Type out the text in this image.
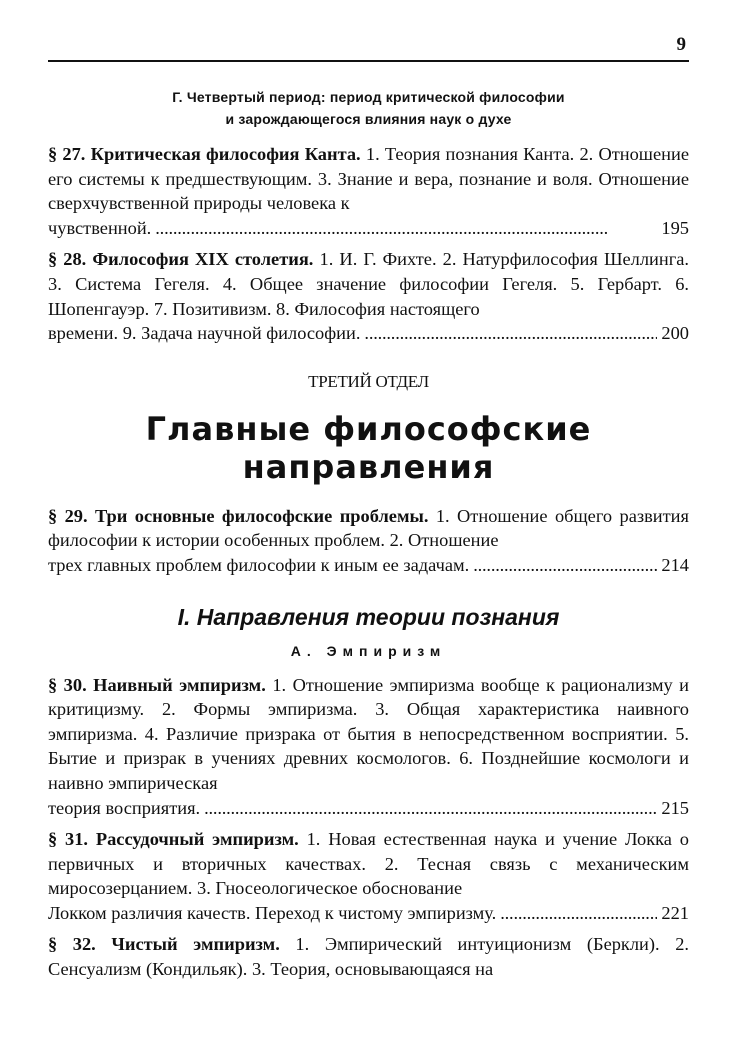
9
Г. Четвертый период: период критической философии
и зарождающегося влияния наук о духе
§ 27. Критическая философия Канта. 1. Теория познания Канта. 2. Отношение его системы к предшествующим. 3. Знание и вера, познание и воля. Отношение сверхчувственной природы человека к
чувственной. . . .	195
§ 28. Философия XIX столетия. 1. И. Г. Фихте. 2. Натурфилософия Шеллинга. 3. Система Гегеля. 4. Общее значение философии Гегеля. 5. Гербарт. 6. Шопенгауэр. 7. Позитивизм. 8. Философия настоящего
времени. 9. Задача научной философии. . . .	200
ТРЕТИЙ ОТДЕЛ
Главные философские
направления
§ 29. Три основные философские проблемы. 1. Отношение общего развития философии к истории особенных проблем. 2. Отношение
трех главных проблем философии к иным ее задачам. . . .	214
I. Направления теории познания
А. Эмпиризм
§ 30. Наивный эмпиризм. 1. Отношение эмпиризма вообще к рационализму и критицизму. 2. Формы эмпиризма. 3. Общая характеристика наивного эмпиризма. 4. Различие призрака от бытия в непосредственном восприятии. 5. Бытие и призрак в учениях древних космологов. 6. Позднейшие космологи и наивно эмпирическая
теория восприятия. . . .	215
§ 31. Рассудочный эмпиризм. 1. Новая естественная наука и учение Локка о первичных и вторичных качествах. 2. Тесная связь с механическим миросозерцанием. 3. Гносеологическое обоснование
Локком различия качеств. Переход к чистому эмпиризму. . . .	221
§ 32. Чистый эмпиризм. 1. Эмпирический интуиционизм (Беркли). 2. Сенсуализм (Кондильяк). 3. Теория, основывающаяся на
